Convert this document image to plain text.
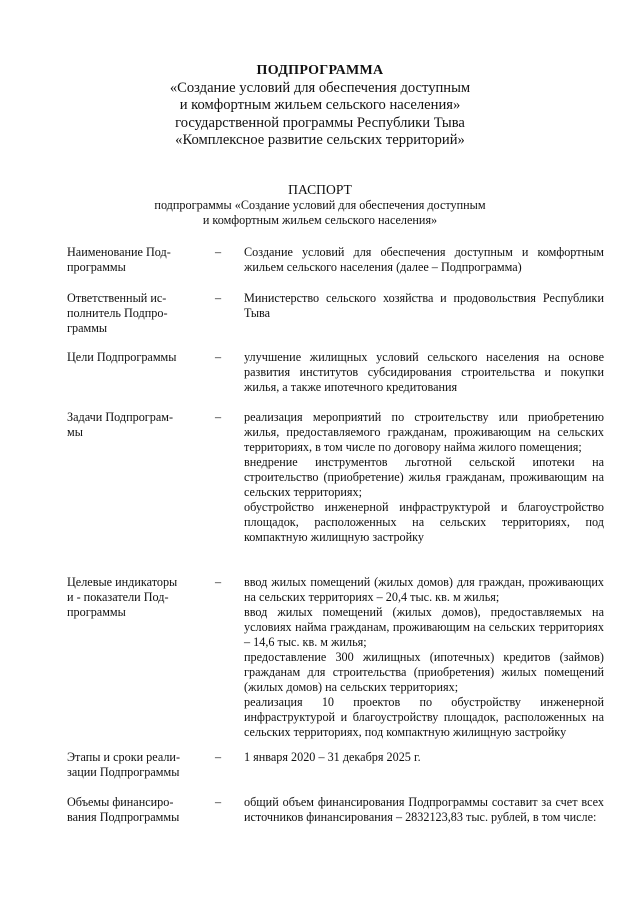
ПОДПРОГРАММА
«Создание условий для обеспечения доступным
и комфортным жильем сельского населения»
государственной программы Республики Тыва
«Комплексное развитие сельских территорий»
ПАСПОРТ
подпрограммы «Создание условий для обеспечения доступным
и комфортным жильем сельского населения»
Наименование Под-
программы
– Создание условий для обеспечения доступным и комфортным жильем сельского населения (далее – Подпрограмма)
Ответственный ис-
полнитель Подпро-
граммы
– Министерство сельского хозяйства и продовольствия Республики Тыва
Цели Подпрограммы	– улучшение жилищных условий сельского населения на основе развития институтов субсидирования строительства и покупки жилья, а также ипотечного кредитования
Задачи Подпрограм-
мы
– реализация мероприятий по строительству или приобретению жилья, предоставляемого гражданам, проживающим на сельских территориях, в том числе по договору найма жилого помещения;
внедрение инструментов льготной сельской ипотеки на строительство (приобретение) жилья гражданам, проживающим на сельских территориях;
обустройство инженерной инфраструктурой и благоустройство площадок, расположенных на сельских территориях, под компактную жилищную застройку
Целевые индикаторы
и - показатели Под-
программы
– ввод жилых помещений (жилых домов) для граждан, проживающих на сельских территориях – 20,4 тыс. кв. м жилья;
ввод жилых помещений (жилых домов), предоставляемых на условиях найма гражданам, проживающим на сельских территориях – 14,6 тыс. кв. м жилья;
предоставление 300 жилищных (ипотечных) кредитов (займов) гражданам для строительства (приобретения) жилых помещений (жилых домов) на сельских территориях;
реализация 10 проектов по обустройству инженерной инфраструктурой и благоустройству площадок, расположенных на сельских территориях, под компактную жилищную застройку
Этапы и сроки реали-
зации Подпрограммы
– 1 января 2020 – 31 декабря 2025 г.
Объемы финансиро-
вания Подпрограммы
– общий объем финансирования Подпрограммы составит за счет всех источников финансирования – 2832123,83 тыс. рублей, в том числе:
